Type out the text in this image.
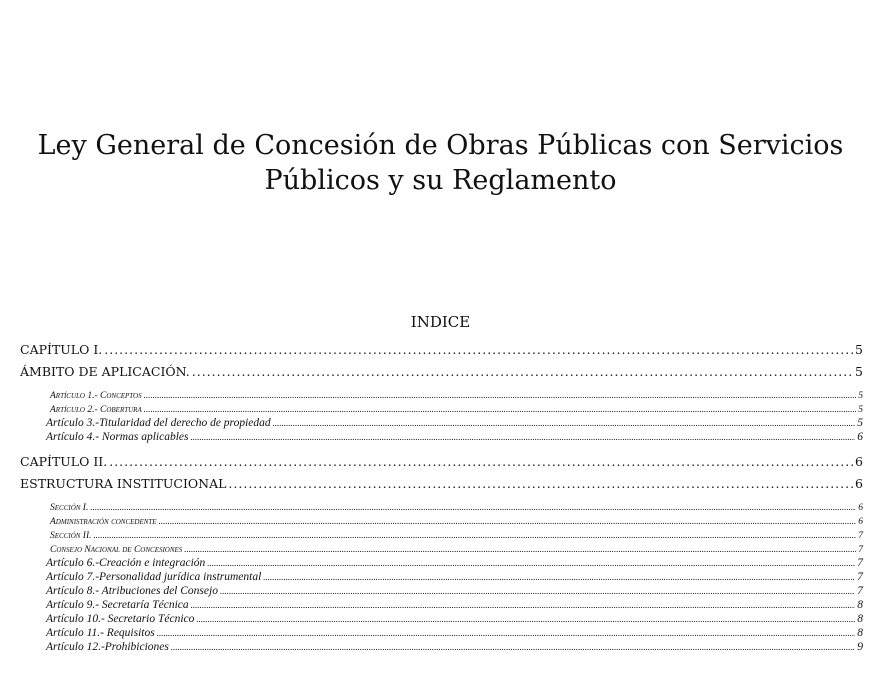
Ley General de Concesión de Obras Públicas con Servicios
Públicos y su Reglamento
INDICE
CAPÍTULO I. .....	5
ÁMBITO DE APLICACIÓN. .....	5
Artículo 1.- Conceptos .....	5
Artículo 2.- Cobertura .....	5
Artículo 3.-Titularidad del derecho de propiedad .....	5
Artículo 4.- Normas aplicables .....	6
CAPÍTULO II. .....	6
ESTRUCTURA INSTITUCIONAL .....	6
Sección I. .....	6
Administración concedente .....	6
Sección II. .....	7
Consejo Nacional de Concesiones .....	7
Artículo 6.-Creación e integración .....	7
Artículo 7.-Personalidad jurídica instrumental .....	7
Artículo 8.- Atribuciones del Consejo .....	7
Artículo 9.- Secretaría Técnica .....	8
Artículo 10.- Secretario Técnico .....	8
Artículo 11.- Requisitos .....	8
Artículo 12.-Prohibiciones .....	9
